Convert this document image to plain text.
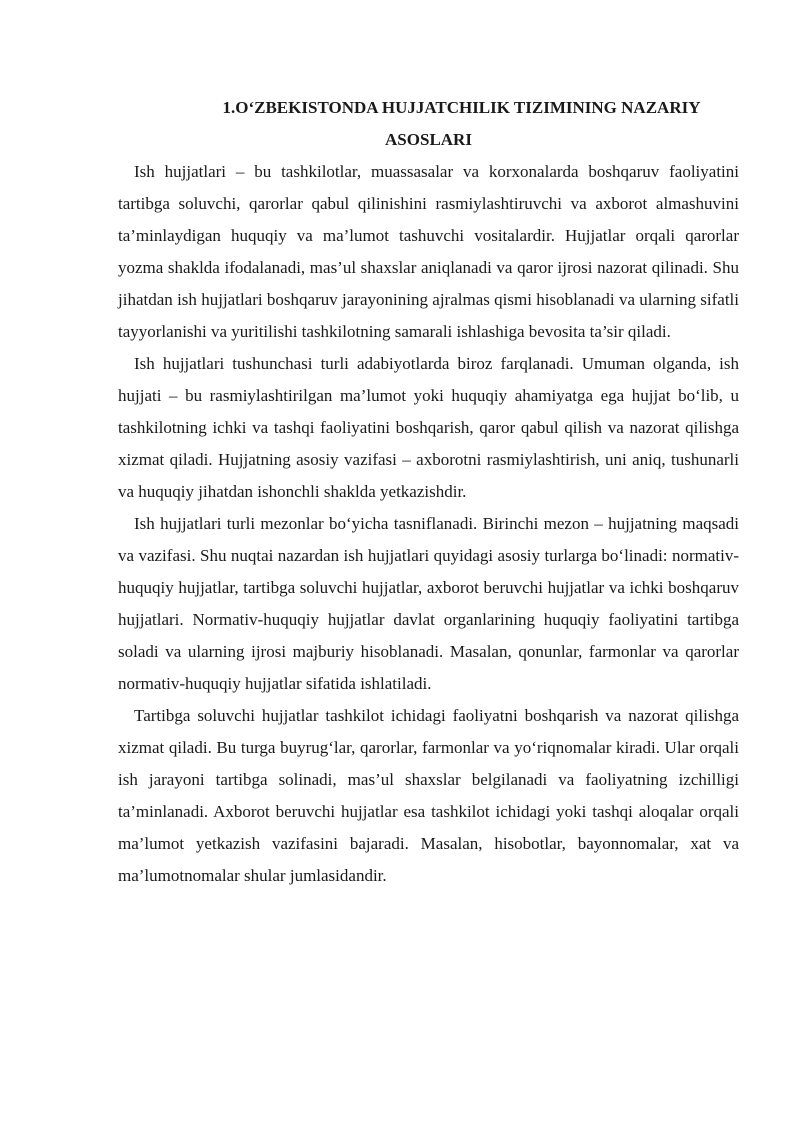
1.O‘ZBEKISTONDA HUJJATCHILIK TIZIMINING NAZARIY
ASOSLARI

Ish hujjatlari – bu tashkilotlar, muassasalar va korxonalarda boshqaruv faoliyatini tartibga soluvchi, qarorlar qabul qilinishini rasmiylashtiruvchi va axborot almashuvini ta’minlaydigan huquqiy va ma’lumot tashuvchi vositalardir. Hujjatlar orqali qarorlar yozma shaklda ifodalanadi, mas’ul shaxslar aniqlanadi va qaror ijrosi nazorat qilinadi. Shu jihatdan ish hujjatlari boshqaruv jarayonining ajralmas qismi hisoblanadi va ularning sifatli tayyorlanishi va yuritilishi tashkilotning samarali ishlashiga bevosita ta’sir qiladi.

Ish hujjatlari tushunchasi turli adabiyotlarda biroz farqlanadi. Umuman olganda, ish hujjati – bu rasmiylashtirilgan ma’lumot yoki huquqiy ahamiyatga ega hujjat bo‘lib, u tashkilotning ichki va tashqi faoliyatini boshqarish, qaror qabul qilish va nazorat qilishga xizmat qiladi. Hujjatning asosiy vazifasi – axborotni rasmiylashtirish, uni aniq, tushunarli va huquqiy jihatdan ishonchli shaklda yetkazishdir.

Ish hujjatlari turli mezonlar bo‘yicha tasniflanadi. Birinchi mezon – hujjatning maqsadi va vazifasi. Shu nuqtai nazardan ish hujjatlari quyidagi asosiy turlarga bo‘linadi: normativ-huquqiy hujjatlar, tartibga soluvchi hujjatlar, axborot beruvchi hujjatlar va ichki boshqaruv hujjatlari. Normativ-huquqiy hujjatlar davlat organlarining huquqiy faoliyatini tartibga soladi va ularning ijrosi majburiy hisoblanadi. Masalan, qonunlar, farmonlar va qarorlar normativ-huquqiy hujjatlar sifatida ishlatiladi.

Tartibga soluvchi hujjatlar tashkilot ichidagi faoliyatni boshqarish va nazorat qilishga xizmat qiladi. Bu turga buyrug‘lar, qarorlar, farmonlar va yo‘riqnomalar kiradi. Ular orqali ish jarayoni tartibga solinadi, mas’ul shaxslar belgilanadi va faoliyatning izchilligi ta’minlanadi. Axborot beruvchi hujjatlar esa tashkilot ichidagi yoki tashqi aloqalar orqali ma’lumot yetkazish vazifasini bajaradi. Masalan, hisobotlar, bayonnomalar, xat va ma’lumotnomalar shular jumlasidandir.
